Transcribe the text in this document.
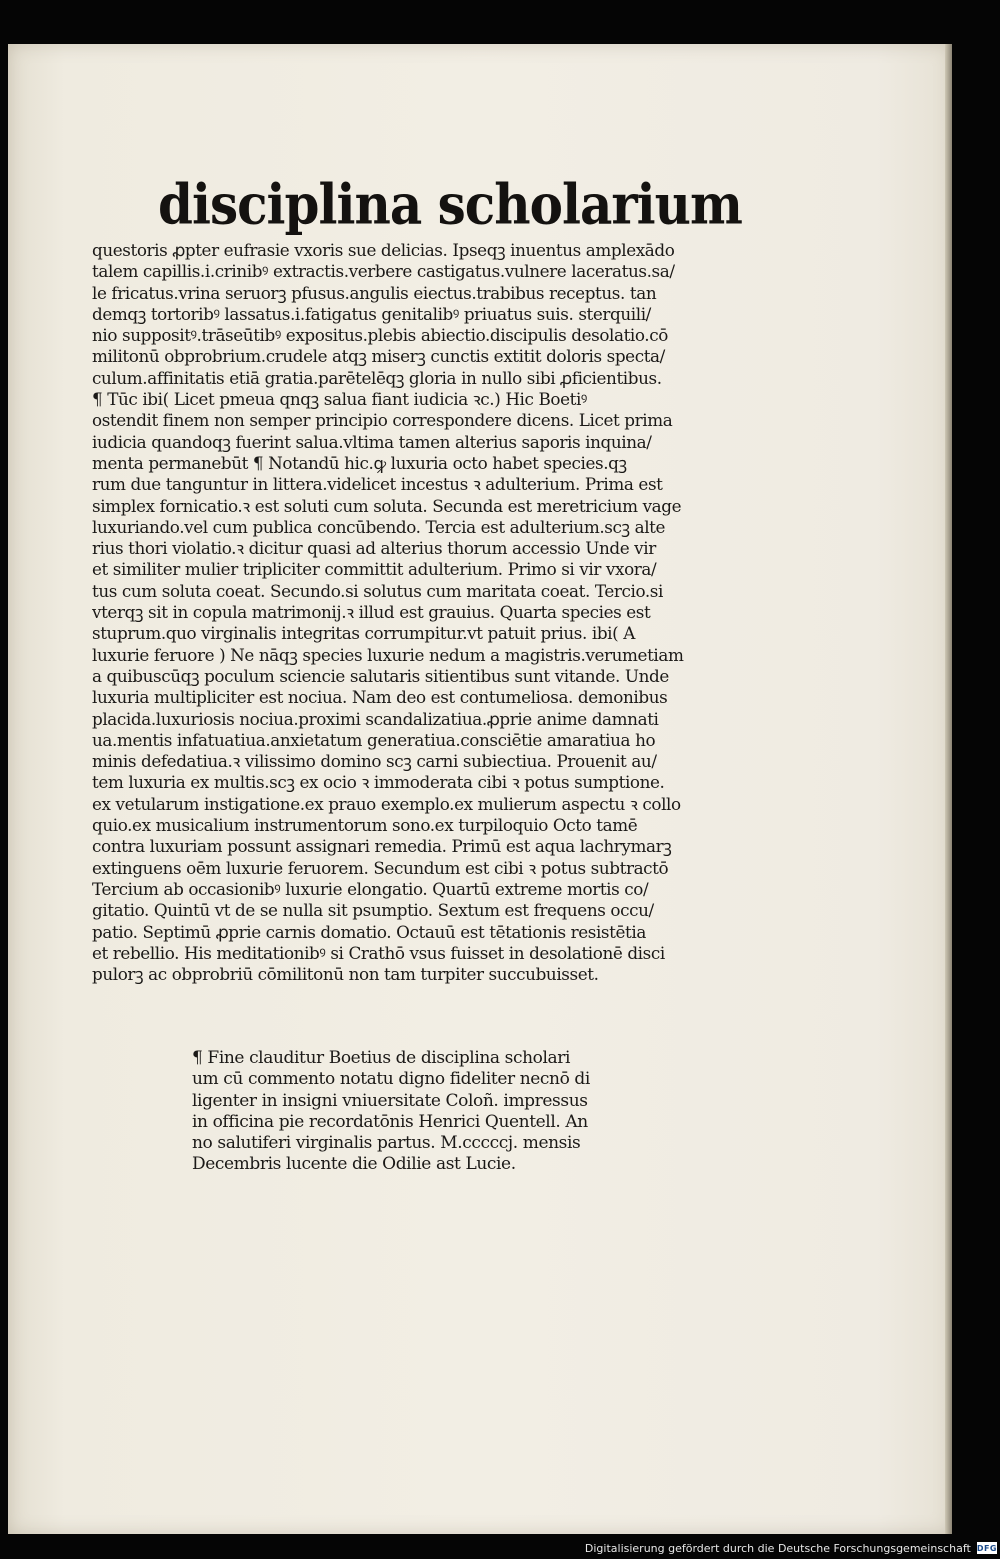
disciplina scholarium
questoris ꝓpter eufrasie vxoris sue delicias. Ipseqꝫ inuentus amplexādo
talem capillis.i.crinibꝰ extractis.verbere castigatus.vulnere laceratus.sa/
le fricatus.vrina seruorꝫ pfusus.angulis eiectus.trabibus receptus. tan
demqꝫ tortoribꝰ lassatus.i.fatigatus genitalibꝰ priuatus suis. sterquili/
nio suppositꝰ.trāseūtibꝰ expositus.plebis abiectio.discipulis desolatio.cō
militonū obprobrium.crudele atqꝫ miserꝫ cunctis extitit doloris specta/
culum.affinitatis etiā gratia.parētelēqꝫ gloria in nullo sibi ꝓficientibus.
¶ Tūc ibi( Licet pmeua qnqꝫ salua fiant iudicia ꝛc.) Hic Boetiꝰ
ostendit finem non semper principio correspondere dicens. Licet prima
iudicia quandoqꝫ fuerint salua.vltima tamen alterius saporis inquina/
menta permanebūt ¶ Notandū hic.ꝙ luxuria octo habet species.qꝫ
rum due tanguntur in littera.videlicet incestus ꝛ adulterium. Prima est
simplex fornicatio.ꝛ est soluti cum soluta. Secunda est meretricium vage
luxuriando.vel cum publica concūbendo. Tercia est adulterium.scꝫ alte
rius thori violatio.ꝛ dicitur quasi ad alterius thorum accessio Unde vir
et similiter mulier tripliciter committit adulterium. Primo si vir vxora/
tus cum soluta coeat. Secundo.si solutus cum maritata coeat. Tercio.si
vterqꝫ sit in copula matrimonij.ꝛ illud est grauius. Quarta species est
stuprum.quo virginalis integritas corrumpitur.vt patuit prius. ibi( A
luxurie feruore ) Ne nāqꝫ species luxurie nedum a magistris.verumetiam
a quibuscūqꝫ poculum sciencie salutaris sitientibus sunt vitande. Unde
luxuria multipliciter est nociua. Nam deo est contumeliosa. demonibus
placida.luxuriosis nociua.proximi scandalizatiua.ꝓprie anime damnati
ua.mentis infatuatiua.anxietatum generatiua.consciētie amaratiua ho
minis defedatiua.ꝛ vilissimo domino scꝫ carni subiectiua. Prouenit au/
tem luxuria ex multis.scꝫ ex ocio ꝛ immoderata cibi ꝛ potus sumptione.
ex vetularum instigatione.ex prauo exemplo.ex mulierum aspectu ꝛ collo
quio.ex musicalium instrumentorum sono.ex turpiloquio Octo tamē
contra luxuriam possunt assignari remedia. Primū est aqua lachrymarꝫ
extinguens oēm luxurie feruorem. Secundum est cibi ꝛ potus subtractō
Tercium ab occasionibꝰ luxurie elongatio. Quartū extreme mortis co/
gitatio. Quintū vt de se nulla sit psumptio. Sextum est frequens occu/
patio. Septimū ꝓprie carnis domatio. Octauū est tētationis resistētia
et rebellio. His meditationibꝰ si Crathō vsus fuisset in desolationē disci
pulorꝫ ac obprobriū cōmilitonū non tam turpiter succubuisset.
¶ Fine clauditur Boetius de disciplina scholari
um cū commento notatu digno fideliter necnō di
ligenter in insigni vniuersitate Coloñ. impressus
in officina pie recordatōnis Henrici Quentell. An
no salutiferi virginalis partus. M.cccccj. mensis
Decembris lucente die Odilie ast Lucie.
Digitalisierung gefördert durch die Deutsche Forschungsgemeinschaft DFG
